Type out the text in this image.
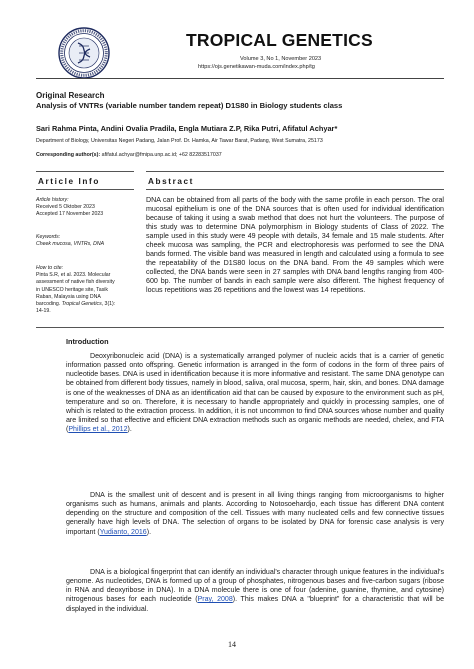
TROPICAL GENETICS
Volume 3, No 1, November 2023
https://ojs.genetikawan-muda.com/index.php/tg
Original Research
Analysis of VNTRs (variable number tandem repeat) D1S80 in Biology students class
Sari Rahma Pinta, Andini Ovalia Pradila, Engla Mutiara Z.P, Rika Putri, Afifatul Achyar*
Department of Biology, Universitas Negeri Padang, Jalan Prof. Dr. Hamka, Air Tawar Barat, Padang, West Sumatra, 25173
Corresponding author(s): afifatul.achyar@fmipa.unp.ac.id; +62 82283517037
Article Info	Abstract
Article history:
Received 5 Oktober 2023
Accepted 17 November 2023
Keywords:
Cheek mucosa, VNTRs, DNA
How to cite:
Pinta S.R, et al. 2023. Molecular
assessment of native fish diversity
in UNESCO heritage site, Tasik
Raban, Malaysia using DNA
barcoding. Tropical Genetics, 3(1):
14-19.

DNA can be obtained from all parts of the body with the same profile in each person. The oral mucosal epithelium is one of the DNA sources that is often used for individual identification because of taking it using a swab method that does not hurt the volunteers. The purpose of this study was to determine DNA polymorphism in Biology students of Class of 2022. The sample used in this study were 49 people with details, 34 female and 15 male students. After cheek mucosa was sampling, the PCR and electrophoresis was performed to see the DNA bands formed. The visible band was measured in length and calculated using a formula to see the repeatability of the D1S80 locus on the DNA band. From the 49 samples which were collected, the DNA bands were seen in 27 samples with DNA band lengths ranging from 400-600 bp. The number of bands in each sample were also different. The highest frequency of locus repetitions was 26 repetitions and the lowest was 14 repetitions.

Introduction

Deoxyribonucleic acid (DNA) is a systematically arranged polymer of nucleic acids that is a carrier of genetic information passed onto offspring. Genetic information is arranged in the form of codons in the form of three pairs of nucleotide bases. DNA is used in identification because it is more informative and resistant. The same DNA genotype can be obtained from different body tissues, namely in blood, saliva, oral mucosa, sperm, hair, skin, and bones. DNA damage is one of the weaknesses of DNA as an identification aid that can be caused by exposure to the environment such as pH, temperature and so on. Therefore, it is necessary to handle appropriately and quickly in processing samples, one of which is related to the extraction process. In addition, it is not uncommon to find DNA sources whose number and quality are limited so that effective and efficient DNA extraction methods such as organic methods are needed, chelex, and FTA (Phillips et al., 2012).

DNA is the smallest unit of descent and is present in all living things ranging from microorganisms to higher organisms such as humans, animals and plants. According to Notosoehardjo, each tissue has different DNA content depending on the structure and composition of the cell. Tissues with many nucleated cells and few connective tissues generally have high levels of DNA. The selection of organs to be isolated by DNA for forensic case analysis is very important (Yudianto, 2016).

DNA is a biological fingerprint that can identify an individual's character through unique features in the individual's genome. As nucleotides, DNA is formed up of a group of phosphates, nitrogenous bases and five-carbon sugars (ribose in RNA and deoxyribose in DNA). In a DNA molecule there is one of four (adenine, guanine, thymine, and cytosine) nitrogenous bases for each nucleotide (Pray, 2008). This makes DNA a "blueprint" for a characteristic that will be displayed in the individual.

14
